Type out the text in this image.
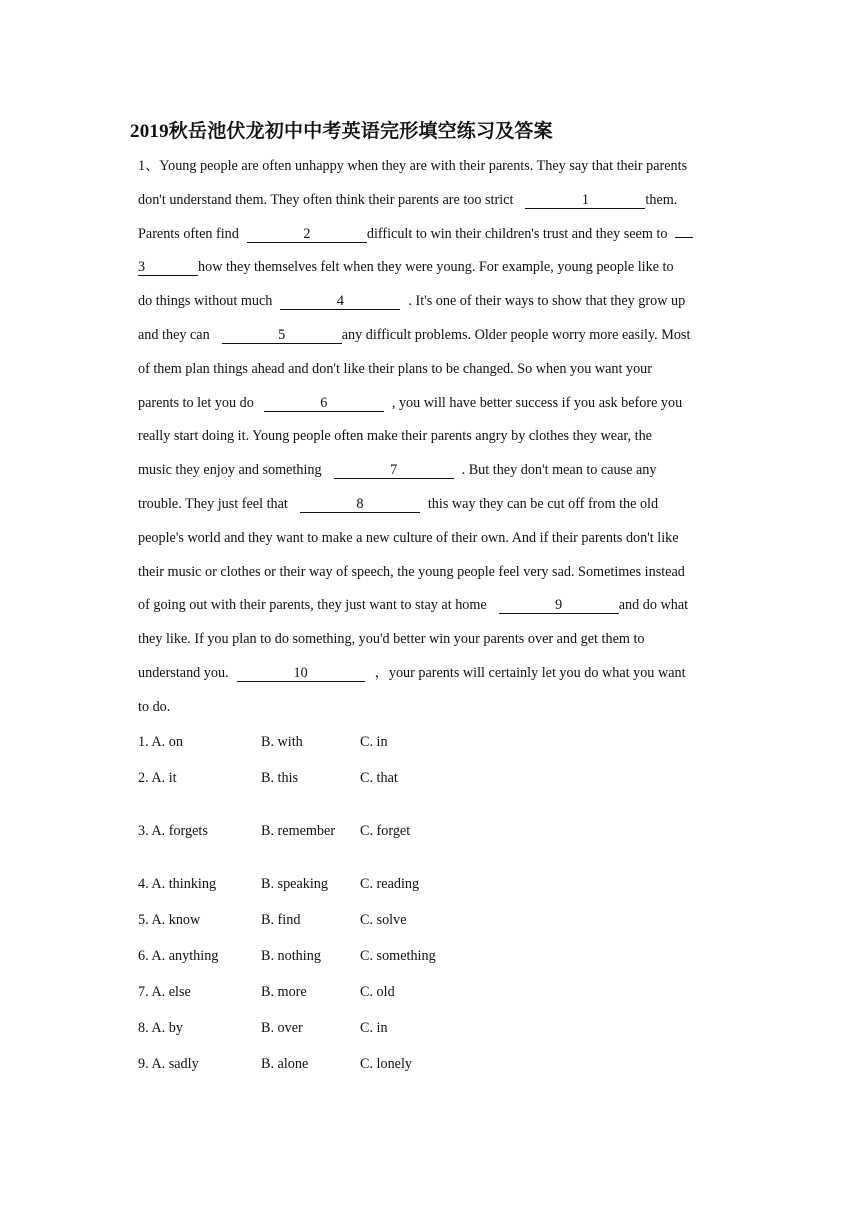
2019秋岳池伏龙初中中考英语完形填空练习及答案
1、Young people are often unhappy when they are with their parents. They say that their parents
don't understand them. They often think their parents are too strict	1	them.
Parents often find	2	difficult to win their children's trust and they seem to
3	how they themselves felt when they were young. For example, young people like to
do things without much	4	. It's one of their ways to show that they grow up
and they can	5	any difficult problems. Older people worry more easily. Most
of them plan things ahead and don't like their plans to be changed. So when you want your
parents to let you do	6	, you will have better success if you ask before you
really start doing it. Young people often make their parents angry by clothes they wear, the
music they enjoy and something	7	. But they don't mean to cause any
trouble. They just feel that	8	this way they can be cut off from the old
people's world and they want to make a new culture of their own. And if their parents don't like
their music or clothes or their way of speech, the young people feel very sad. Sometimes instead
of going out with their parents, they just want to stay at home	9	and do what
they like. If you plan to do something, you'd better win your parents over and get them to
understand you.	10	，your parents will certainly let you do what you want
to do.
1. A. on	B. with	C. in
2. A. it	B. this	C. that
3. A. forgets	B. remember	C. forget
4. A. thinking	B. speaking	C. reading
5. A. know	B. find	C. solve
6. A. anything	B. nothing	C. something
7. A. else	B. more	C. old
8. A. by	B. over	C. in
9. A. sadly	B. alone	C. lonely
